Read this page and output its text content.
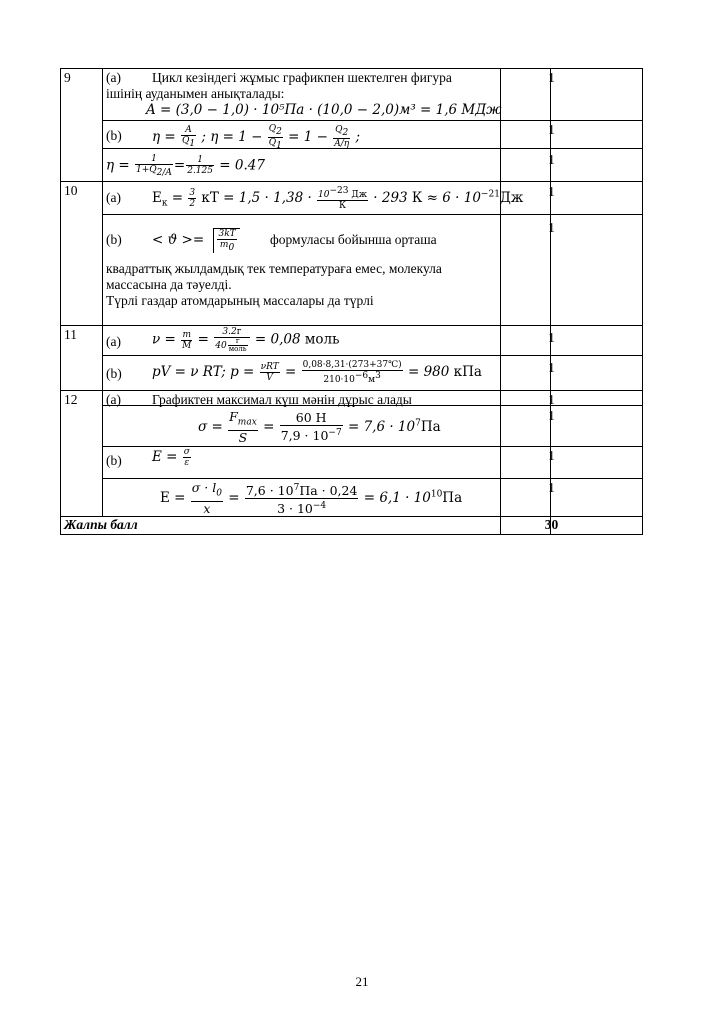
9	(a) Цикл кезіндегі жұмыс графикпен шектелген фигура
ішінің ауданымен анықталады:
A = (3,0 − 1,0) · 10⁵Па · (10,0 − 2,0)м³ = 1,6 МДж
1
(b) $\eta = \frac{A}{Q1}$ ; $\eta = 1 - \frac{Q2}{Q1} = 1 - \frac{Q2}{A/\eta}$ ;	1
$\eta = \frac{1}{1+Q2/A} = \frac{1}{2.125} = 0.47$	1
10 (a) $E_к = \frac{3}{2}$ кТ = $1,5 \cdot 1,38 \cdot \frac{10-23 Дж}{К} \cdot 293$ $К \approx 6 \cdot 10^{-21}Дж$	1
$(b) < ϑ >= \frac{3kT}{m0}$ формуласы бойынша орташа
квадраттық жылдамдық тек температураға емес, молекула
массасына да тәуелді.
Түрлі газдар атомдарының массалары да түрлі
1
11 (a) $\nu = \frac{m}{M} = \frac{3.2г}{40 \frac{г}{\text{моль}}} = 0,08$ моль	1
(b) pV = ν RT; $p = \frac{\text{νRT}}{V} = \frac{0,08\cdot 8,31\cdot(273+37℃)}{210\cdot 10-6м3} = 980$ кПа	1
12 (a) Графиктен максимал күш мәнін дұрыс алады	1
$\sigma = \frac{F_{max}}{S} = \frac{60 Н}{7,9 \cdot 10^{-7}} = 7,6 \cdot 10^7Па$
1
(b) $E = \frac{\sigma}{\varepsilon}$	1
$E = \frac{\sigma \cdot l_0}{x} = \frac{7,6 \cdot 10^7Па \cdot 0,24}{3 \cdot 10^{-4}} = 6,1 \cdot 10^{10}Па$
1
Жалпы балл	30
21
